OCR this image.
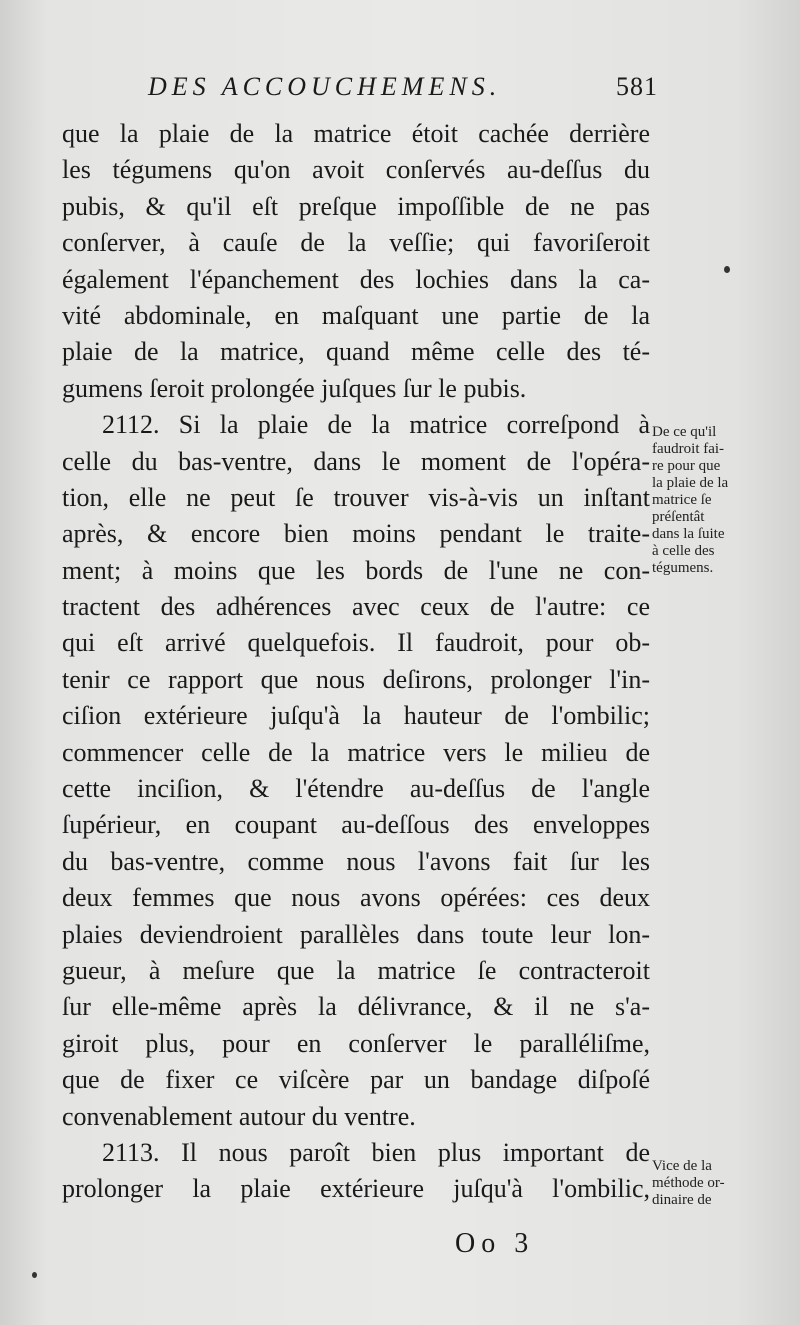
DES ACCOUCHEMENS.	581
que la plaie de la matrice étoit cachée derrière
les tégumens qu'on avoit conſervés au-deſſus du
pubis, & qu'il eſt preſque impoſſible de ne pas
conſerver, à cauſe de la veſſie; qui favoriſeroit
également l'épanchement des lochies dans la ca-
vité abdominale, en maſquant une partie de la
plaie de la matrice, quand même celle des té-
gumens ſeroit prolongée juſques ſur le pubis.
2112. Si la plaie de la matrice correſpond à
celle du bas-ventre, dans le moment de l'opéra-
tion, elle ne peut ſe trouver vis-à-vis un inſtant
après, & encore bien moins pendant le traite-
ment; à moins que les bords de l'une ne con-
tractent des adhérences avec ceux de l'autre: ce
qui eſt arrivé quelquefois. Il faudroit, pour ob-
tenir ce rapport que nous deſirons, prolonger l'in-
ciſion extérieure juſqu'à la hauteur de l'ombilic;
commencer celle de la matrice vers le milieu de
cette inciſion, & l'étendre au-deſſus de l'angle
ſupérieur, en coupant au-deſſous des enveloppes
du bas-ventre, comme nous l'avons fait ſur les
deux femmes que nous avons opérées: ces deux
plaies deviendroient parallèles dans toute leur lon-
gueur, à meſure que la matrice ſe contracteroit
ſur elle-même après la délivrance, & il ne s'a-
giroit plus, pour en conſerver le paralléliſme,
que de fixer ce viſcère par un bandage diſpoſé
convenablement autour du ventre.
2113. Il nous paroît bien plus important de
prolonger la plaie extérieure juſqu'à l'ombilic,
De ce qu'il
faudroit fai-
re pour que
la plaie de la
matrice ſe
préſentât
dans la ſuite
à celle des
tégumens.
Vice de la
méthode or-
dinaire de
Oo 3
